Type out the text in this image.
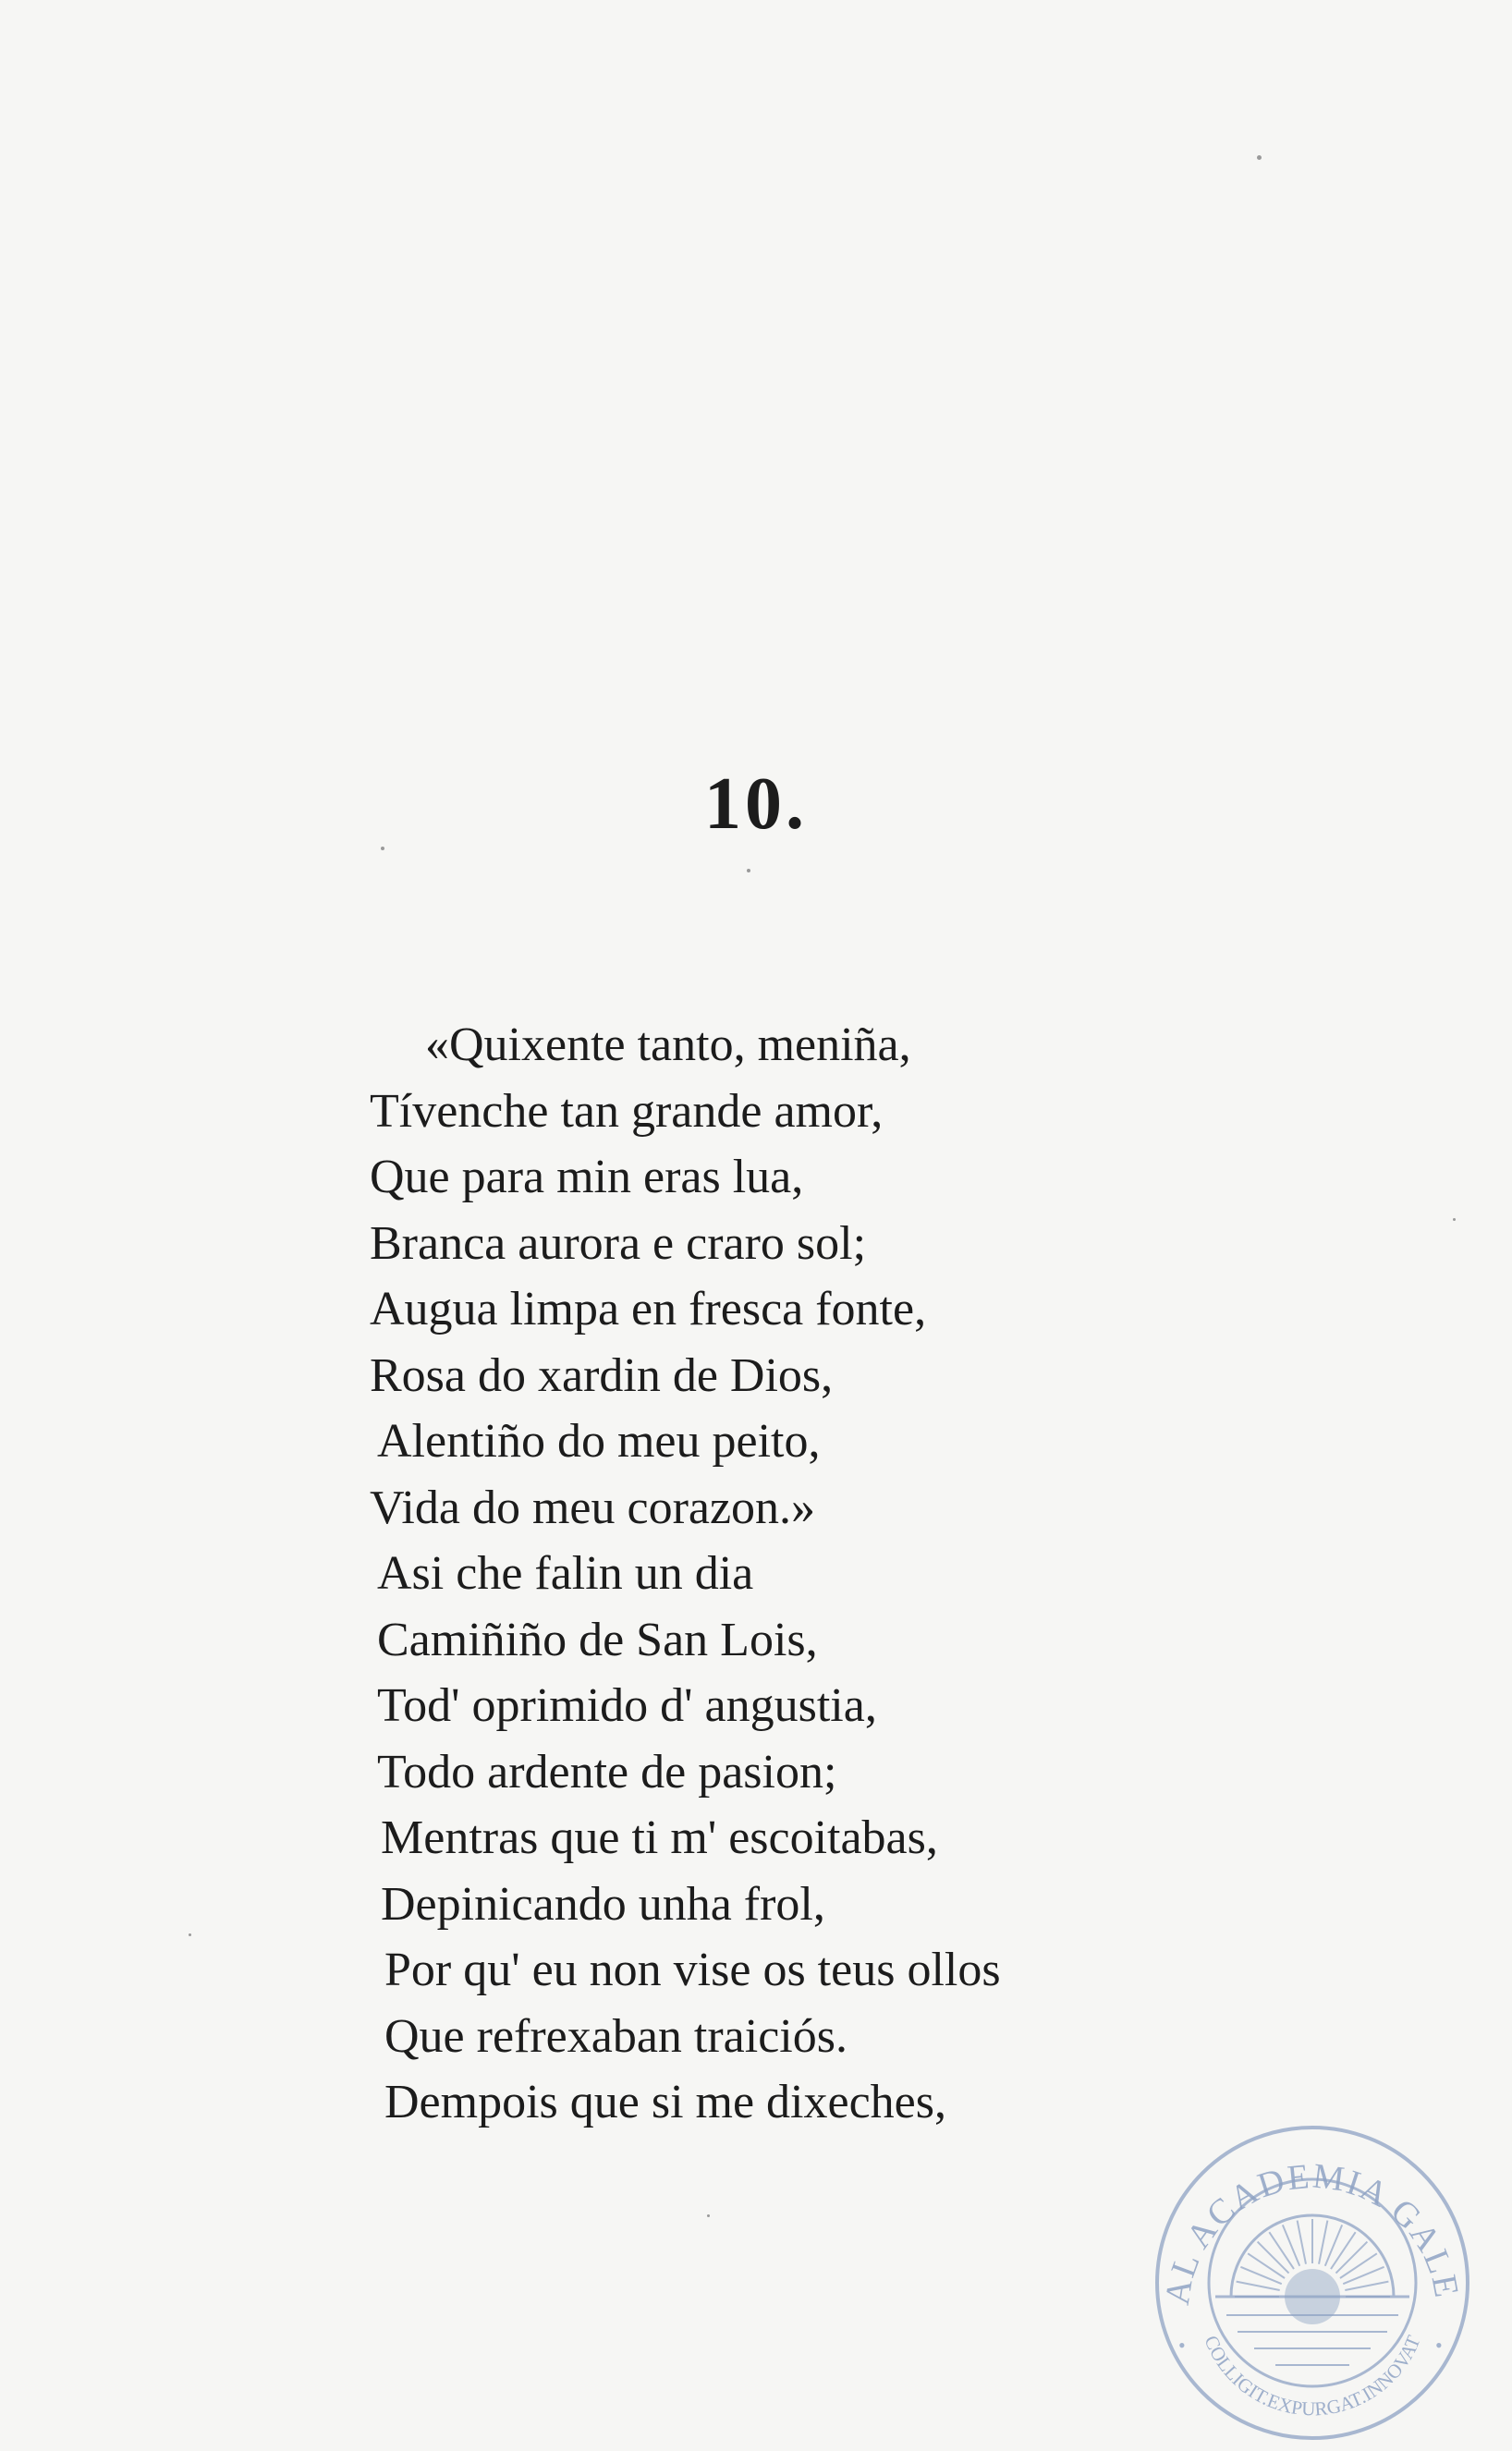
10.
«Quixente tanto, meniña,
Tívenche tan grande amor,
Que para min eras lua,
Branca aurora e craro sol;
Augua limpa en fresca fonte,
Rosa do xardin de Dios,
Alentiño do meu peito,
Vida do meu corazon.»
Asi che falin un dia
Camiñiño de San Lois,
Tod' oprimido d' angustia,
Todo ardente de pasion;
Mentras que ti m' escoitabas,
Depinicando unha frol,
Por qu' eu non vise os teus ollos
Que refrexaban traiciós.
Dempois que si me dixeches,
AL ACADEMIA GALE
COLLIGIT.EXPURGAT.INNOVAT
•	•
